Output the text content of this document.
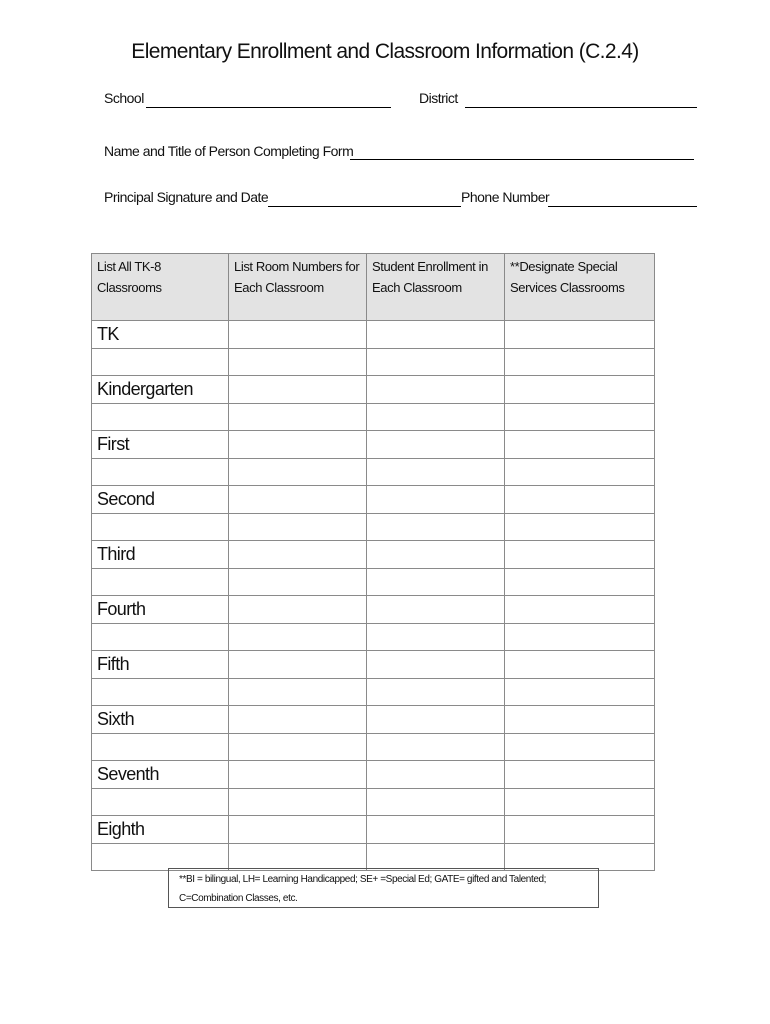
Elementary Enrollment and Classroom Information (C.2.4)
School	District
Name and Title of Person Completing Form
Principal Signature and Date	Phone Number
List All TK-8 Classrooms	List Room Numbers for Each Classroom	Student Enrollment in Each Classroom	**Designate Special Services Classrooms
TK			

Kindergarten			

First			

Second			

Third			

Fourth			

Fifth			

Sixth			

Seventh			

Eighth			

**BI = bilingual, LH= Learning Handicapped; SE+ =Special Ed; GATE= gifted and Talented;
C=Combination Classes, etc.
